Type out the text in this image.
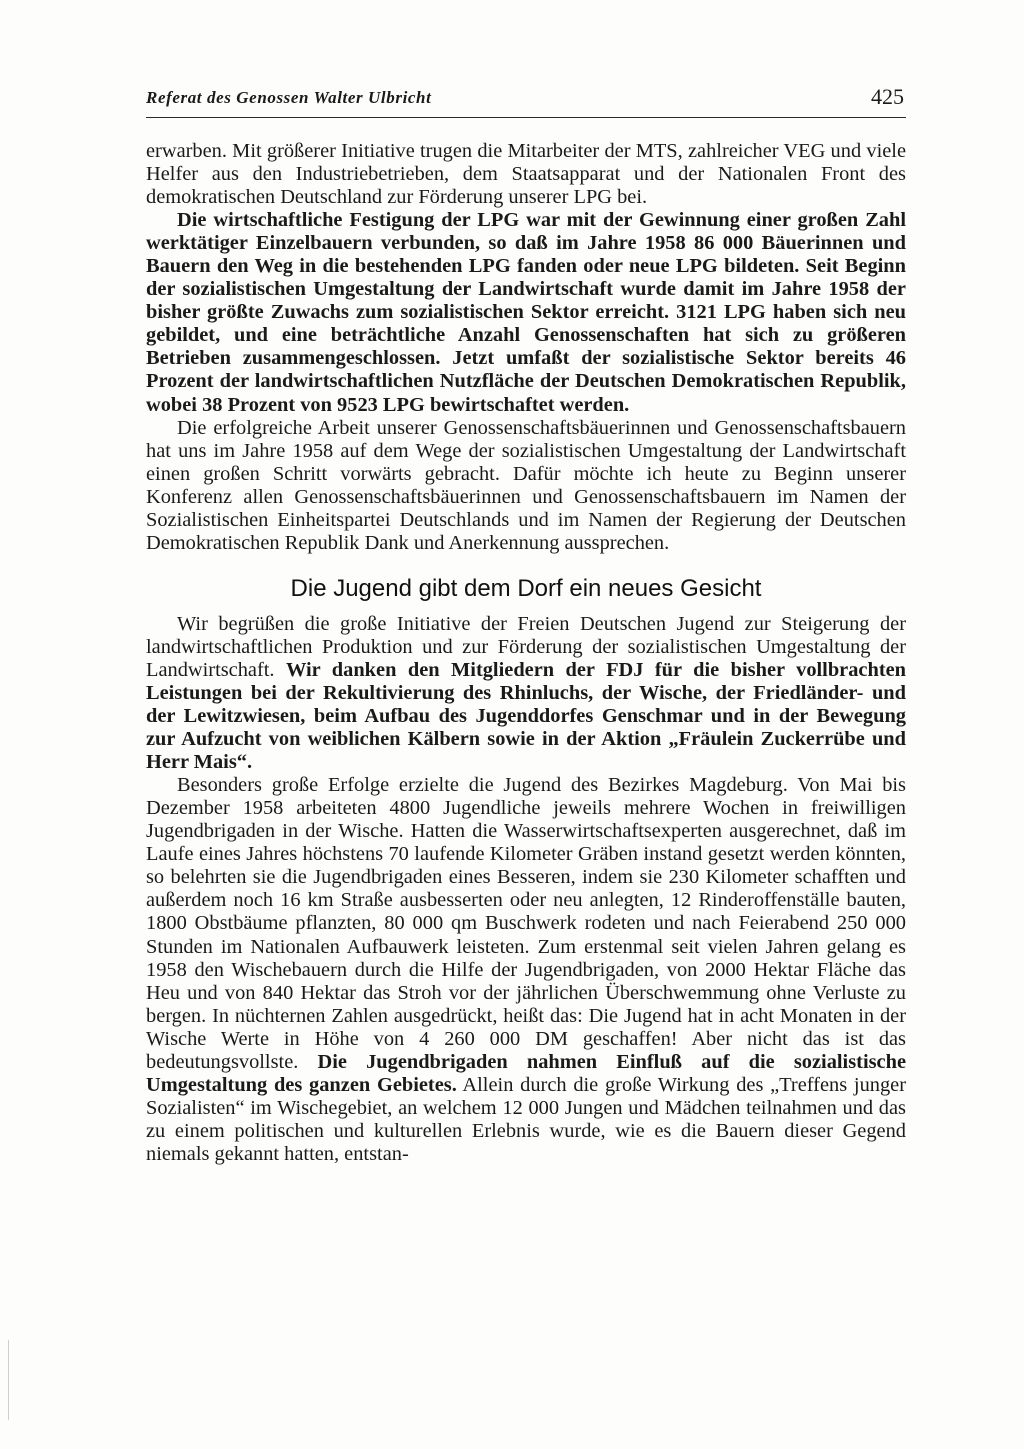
Referat des Genossen Walter Ulbricht	425

erwarben. Mit größerer Initiative trugen die Mitarbeiter der MTS, zahlreicher VEG und viele Helfer aus den Industriebetrieben, dem Staatsapparat und der Nationalen Front des demokratischen Deutschland zur Förderung unserer LPG bei.

Die wirtschaftliche Festigung der LPG war mit der Gewinnung einer großen Zahl werktätiger Einzelbauern verbunden, so daß im Jahre 1958 86 000 Bäuerinnen und Bauern den Weg in die bestehenden LPG fanden oder neue LPG bildeten. Seit Beginn der sozialistischen Umgestaltung der Landwirtschaft wurde damit im Jahre 1958 der bisher größte Zuwachs zum sozialistischen Sektor erreicht. 3121 LPG haben sich neu gebildet, und eine beträchtliche Anzahl Genossenschaften hat sich zu größeren Betrieben zusammengeschlossen. Jetzt umfaßt der sozialistische Sektor bereits 46 Prozent der landwirtschaftlichen Nutzfläche der Deutschen Demokratischen Republik, wobei 38 Prozent von 9523 LPG bewirtschaftet werden.

Die erfolgreiche Arbeit unserer Genossenschaftsbäuerinnen und Genossenschaftsbauern hat uns im Jahre 1958 auf dem Wege der sozialistischen Umgestaltung der Landwirtschaft einen großen Schritt vorwärts gebracht. Dafür möchte ich heute zu Beginn unserer Konferenz allen Genossenschaftsbäuerinnen und Genossenschaftsbauern im Namen der Sozialistischen Einheitspartei Deutschlands und im Namen der Regierung der Deutschen Demokratischen Republik Dank und Anerkennung aussprechen.

Die Jugend gibt dem Dorf ein neues Gesicht

Wir begrüßen die große Initiative der Freien Deutschen Jugend zur Steigerung der landwirtschaftlichen Produktion und zur Förderung der sozialistischen Umgestaltung der Landwirtschaft. Wir danken den Mitgliedern der FDJ für die bisher vollbrachten Leistungen bei der Rekultivierung des Rhinluchs, der Wische, der Friedländer- und der Lewitzwiesen, beim Aufbau des Jugenddorfes Genschmar und in der Bewegung zur Aufzucht von weiblichen Kälbern sowie in der Aktion „Fräulein Zuckerrübe und Herr Mais“.

Besonders große Erfolge erzielte die Jugend des Bezirkes Magdeburg. Von Mai bis Dezember 1958 arbeiteten 4800 Jugendliche jeweils mehrere Wochen in freiwilligen Jugendbrigaden in der Wische. Hatten die Wasserwirtschaftsexperten ausgerechnet, daß im Laufe eines Jahres höchstens 70 laufende Kilometer Gräben instand gesetzt werden könnten, so belehrten sie die Jugendbrigaden eines Besseren, indem sie 230 Kilometer schafften und außerdem noch 16 km Straße ausbesserten oder neu anlegten, 12 Rinderoffenställe bauten, 1800 Obstbäume pflanzten, 80 000 qm Buschwerk rodeten und nach Feierabend 250 000 Stunden im Nationalen Aufbauwerk leisteten. Zum erstenmal seit vielen Jahren gelang es 1958 den Wischebauern durch die Hilfe der Jugendbrigaden, von 2000 Hektar Fläche das Heu und von 840 Hektar das Stroh vor der jährlichen Überschwemmung ohne Verluste zu bergen. In nüchternen Zahlen ausgedrückt, heißt das: Die Jugend hat in acht Monaten in der Wische Werte in Höhe von 4 260 000 DM geschaffen! Aber nicht das ist das bedeutungsvollste. Die Jugendbrigaden nahmen Einfluß auf die sozialistische Umgestaltung des ganzen Gebietes. Allein durch die große Wirkung des „Treffens junger Sozialisten“ im Wischegebiet, an welchem 12 000 Jungen und Mädchen teilnahmen und das zu einem politischen und kulturellen Erlebnis wurde, wie es die Bauern dieser Gegend niemals gekannt hatten, entstan-
